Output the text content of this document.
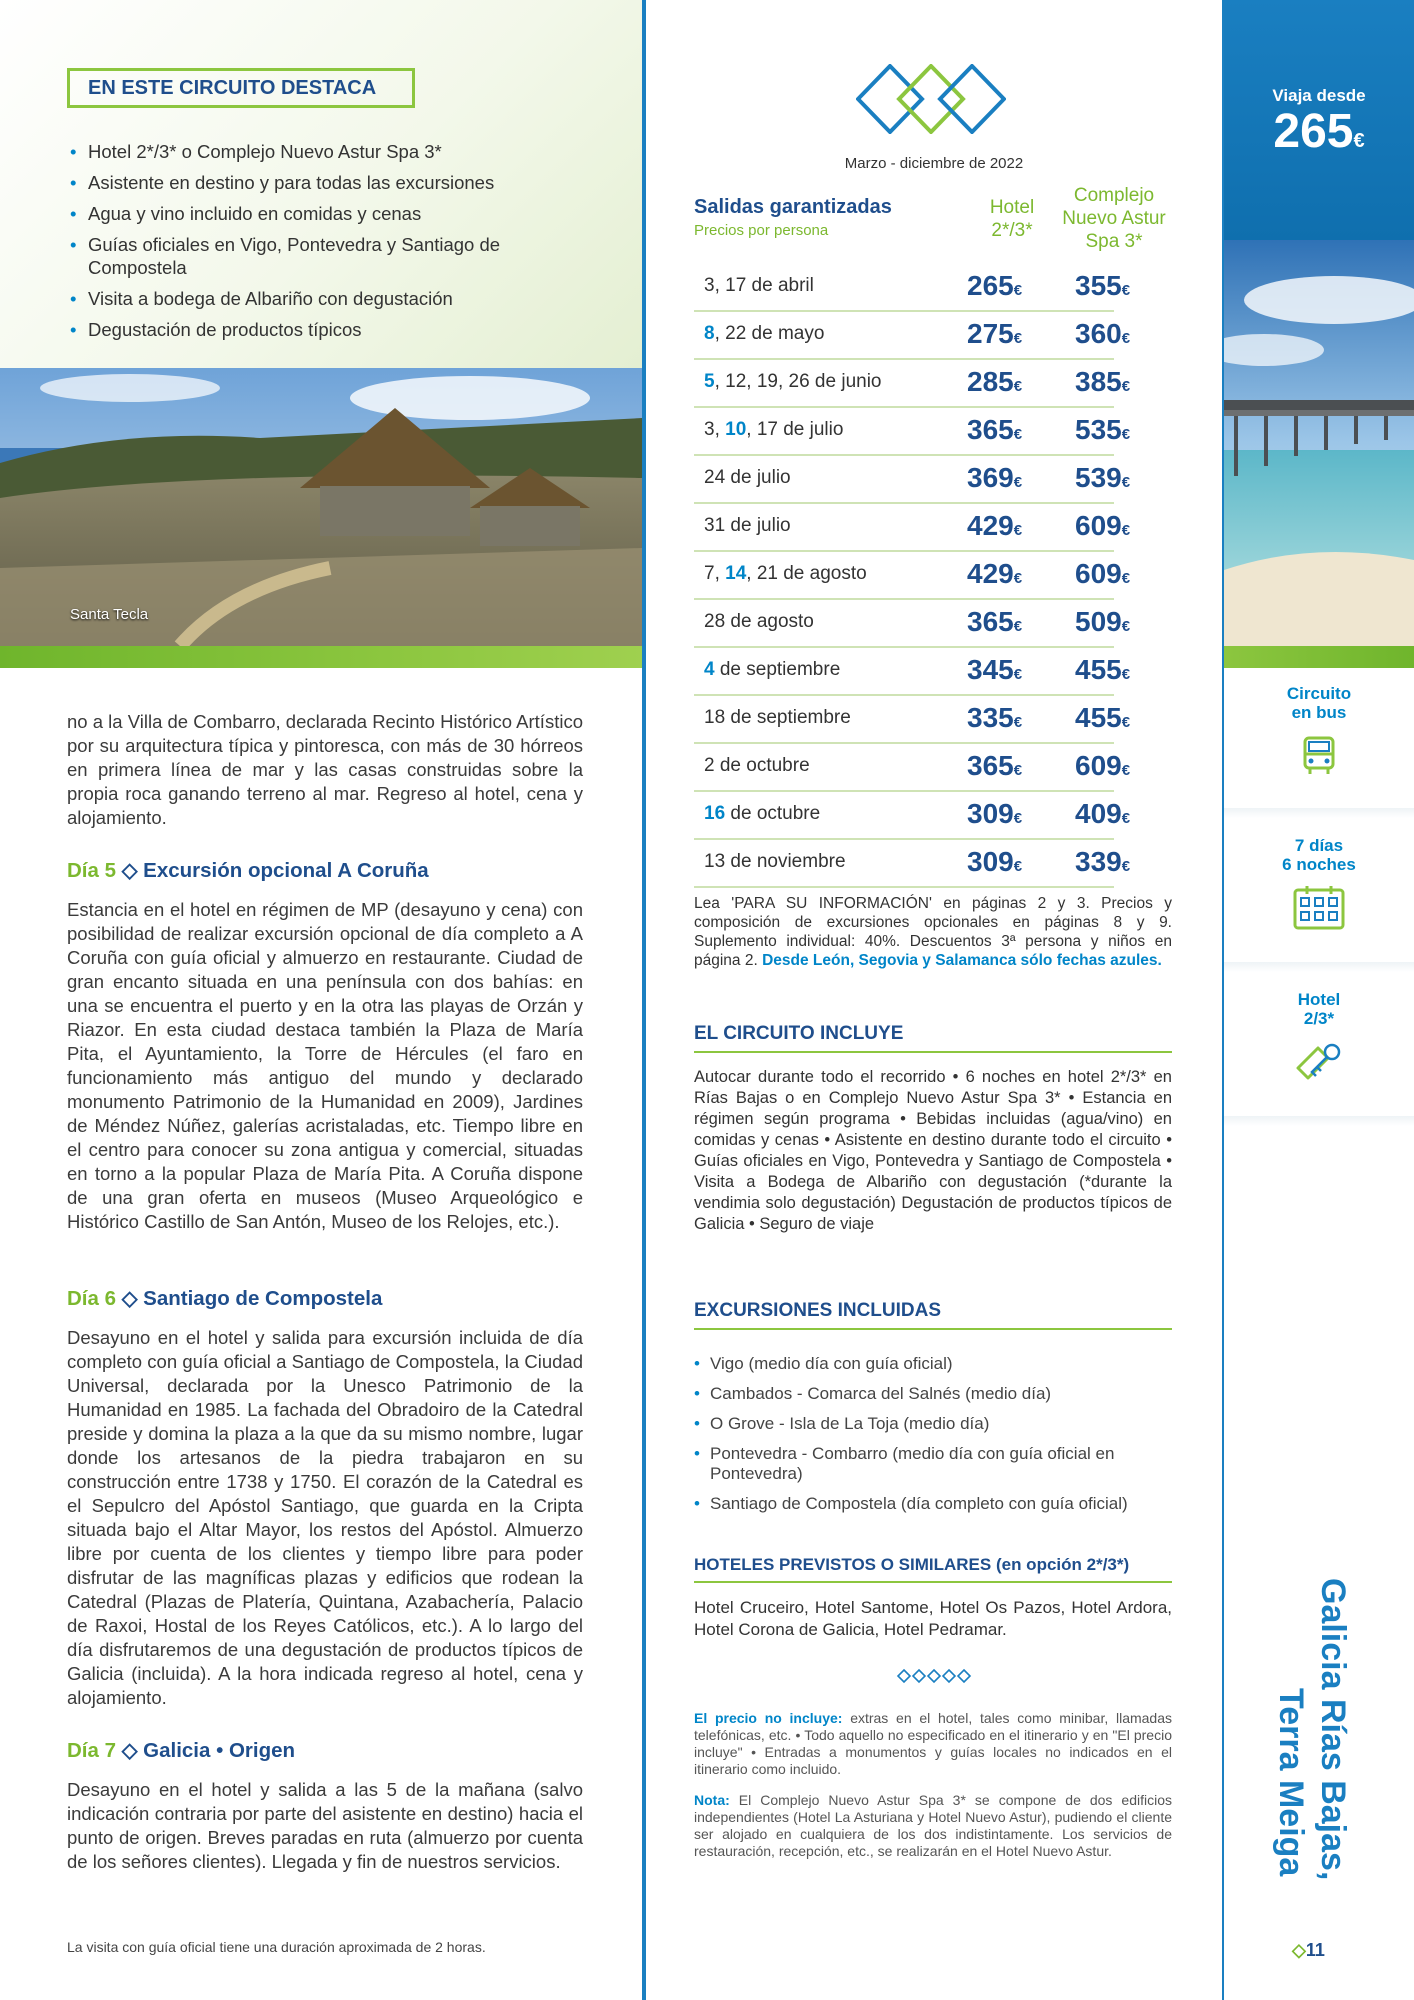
EN ESTE CIRCUITO DESTACA
• Hotel 2*/3* o Complejo Nuevo Astur Spa 3*
• Asistente en destino y para todas las excursiones
• Agua y vino incluido en comidas y cenas
• Guías oficiales en Vigo, Pontevedra y Santiago de Compostela
• Visita a bodega de Albariño con degustación
• Degustación de productos típicos
Santa Tecla

no a la Villa de Combarro, declarada Recinto Histórico Artístico por su arquitectura típica y pintoresca, con más de 30 hórreos en primera línea de mar y las casas construidas sobre la propia roca ganando terreno al mar. Regreso al hotel, cena y alojamiento.

Día 5 ◇ Excursión opcional A Coruña

Estancia en el hotel en régimen de MP (desayuno y cena) con posibilidad de realizar excursión opcional de día completo a A Coruña con guía oficial y almuerzo en restaurante. Ciudad de gran encanto situada en una península con dos bahías: en una se encuentra el puerto y en la otra las playas de Orzán y Riazor. En esta ciudad destaca también la Plaza de María Pita, el Ayuntamiento, la Torre de Hércules (el faro en funcionamiento más antiguo del mundo y declarado monumento Patrimonio de la Humanidad en 2009), Jardines de Méndez Núñez, galerías acristaladas, etc. Tiempo libre en el centro para conocer su zona antigua y comercial, situadas en torno a la popular Plaza de María Pita. A Coruña dispone de una gran oferta en museos (Museo Arqueológico e Histórico Castillo de San Antón, Museo de los Relojes, etc.).

Día 6 ◇ Santiago de Compostela

Desayuno en el hotel y salida para excursión incluida de día completo con guía oficial a Santiago de Compostela, la Ciudad Universal, declarada por la Unesco Patrimonio de la Humanidad en 1985. La fachada del Obradoiro de la Catedral preside y domina la plaza a la que da su mismo nombre, lugar donde los artesanos de la piedra trabajaron en su construcción entre 1738 y 1750. El corazón de la Catedral es el Sepulcro del Apóstol Santiago, que guarda en la Cripta situada bajo el Altar Mayor, los restos del Apóstol. Almuerzo libre por cuenta de los clientes y tiempo libre para poder disfrutar de las magníficas plazas y edificios que rodean la Catedral (Plazas de Platería, Quintana, Azabachería, Palacio de Raxoi, Hostal de los Reyes Católicos, etc.). A lo largo del día disfrutaremos de una degustación de productos típicos de Galicia (incluida). A la hora indicada regreso al hotel, cena y alojamiento.

Día 7 ◇ Galicia • Origen

Desayuno en el hotel y salida a las 5 de la mañana (salvo indicación contraria por parte del asistente en destino) hacia el punto de origen. Breves paradas en ruta (almuerzo por cuenta de los señores clientes). Llegada y fin de nuestros servicios.

La visita con guía oficial tiene una duración aproximada de 2 horas.
Marzo - diciembre de 2022
Salidas garantizadas
Precios por persona
Hotel 2*/3*
Complejo Nuevo Astur Spa 3*
3, 17 de abril	265€ 355€
8, 22 de mayo	275€ 360€
5, 12, 19, 26 de junio	285€ 385€
3, 10, 17 de julio	365€ 535€
24 de julio	369€ 539€
31 de julio	429€ 609€
7, 14, 21 de agosto	429€ 609€
28 de agosto	365€ 509€
4 de septiembre	345€ 455€
18 de septiembre	335€ 455€
2 de octubre	365€ 609€
16 de octubre	309€ 409€
13 de noviembre	309€ 339€

Lea 'PARA SU INFORMACIÓN' en páginas 2 y 3. Precios y composición de excursiones opcionales en páginas 8 y 9. Suplemento individual: 40%. Descuentos 3ª persona y niños en página 2. Desde León, Segovia y Salamanca sólo fechas azules.

EL CIRCUITO INCLUYE

Autocar durante todo el recorrido • 6 noches en hotel 2*/3* en Rías Bajas o en Complejo Nuevo Astur Spa 3* • Estancia en régimen según programa • Bebidas incluidas (agua/vino) en comidas y cenas • Asistente en destino durante todo el circuito • Guías oficiales en Vigo, Pontevedra y Santiago de Compostela • Visita a Bodega de Albariño con degustación (*durante la vendimia solo degustación) Degustación de productos típicos de Galicia • Seguro de viaje

EXCURSIONES INCLUIDAS
• Vigo (medio día con guía oficial)
• Cambados - Comarca del Salnés (medio día)
• O Grove - Isla de La Toja (medio día)
• Pontevedra - Combarro (medio día con guía oficial en Pontevedra)
• Santiago de Compostela (día completo con guía oficial)
HOTELES PREVISTOS O SIMILARES (en opción 2*/3*)

Hotel Cruceiro, Hotel Santome, Hotel Os Pazos, Hotel Ardora, Hotel Corona de Galicia, Hotel Pedramar.

El precio no incluye: extras en el hotel, tales como minibar, llamadas telefónicas, etc. • Todo aquello no especificado en el itinerario y en "El precio incluye" • Entradas a monumentos y guías locales no indicados en el itinerario como incluido.

Nota: El Complejo Nuevo Astur Spa 3* se compone de dos edificios independientes (Hotel La Asturiana y Hotel Nuevo Astur), pudiendo el cliente ser alojado en cualquiera de los dos indistintamente. Los servicios de restauración, recepción, etc., se realizarán en el Hotel Nuevo Astur.

Viaja desde
265€
Circuito
en bus
7 días
6 noches
Hotel
2/3*
Galicia Rías Bajas,
Terra Meiga
◇11
